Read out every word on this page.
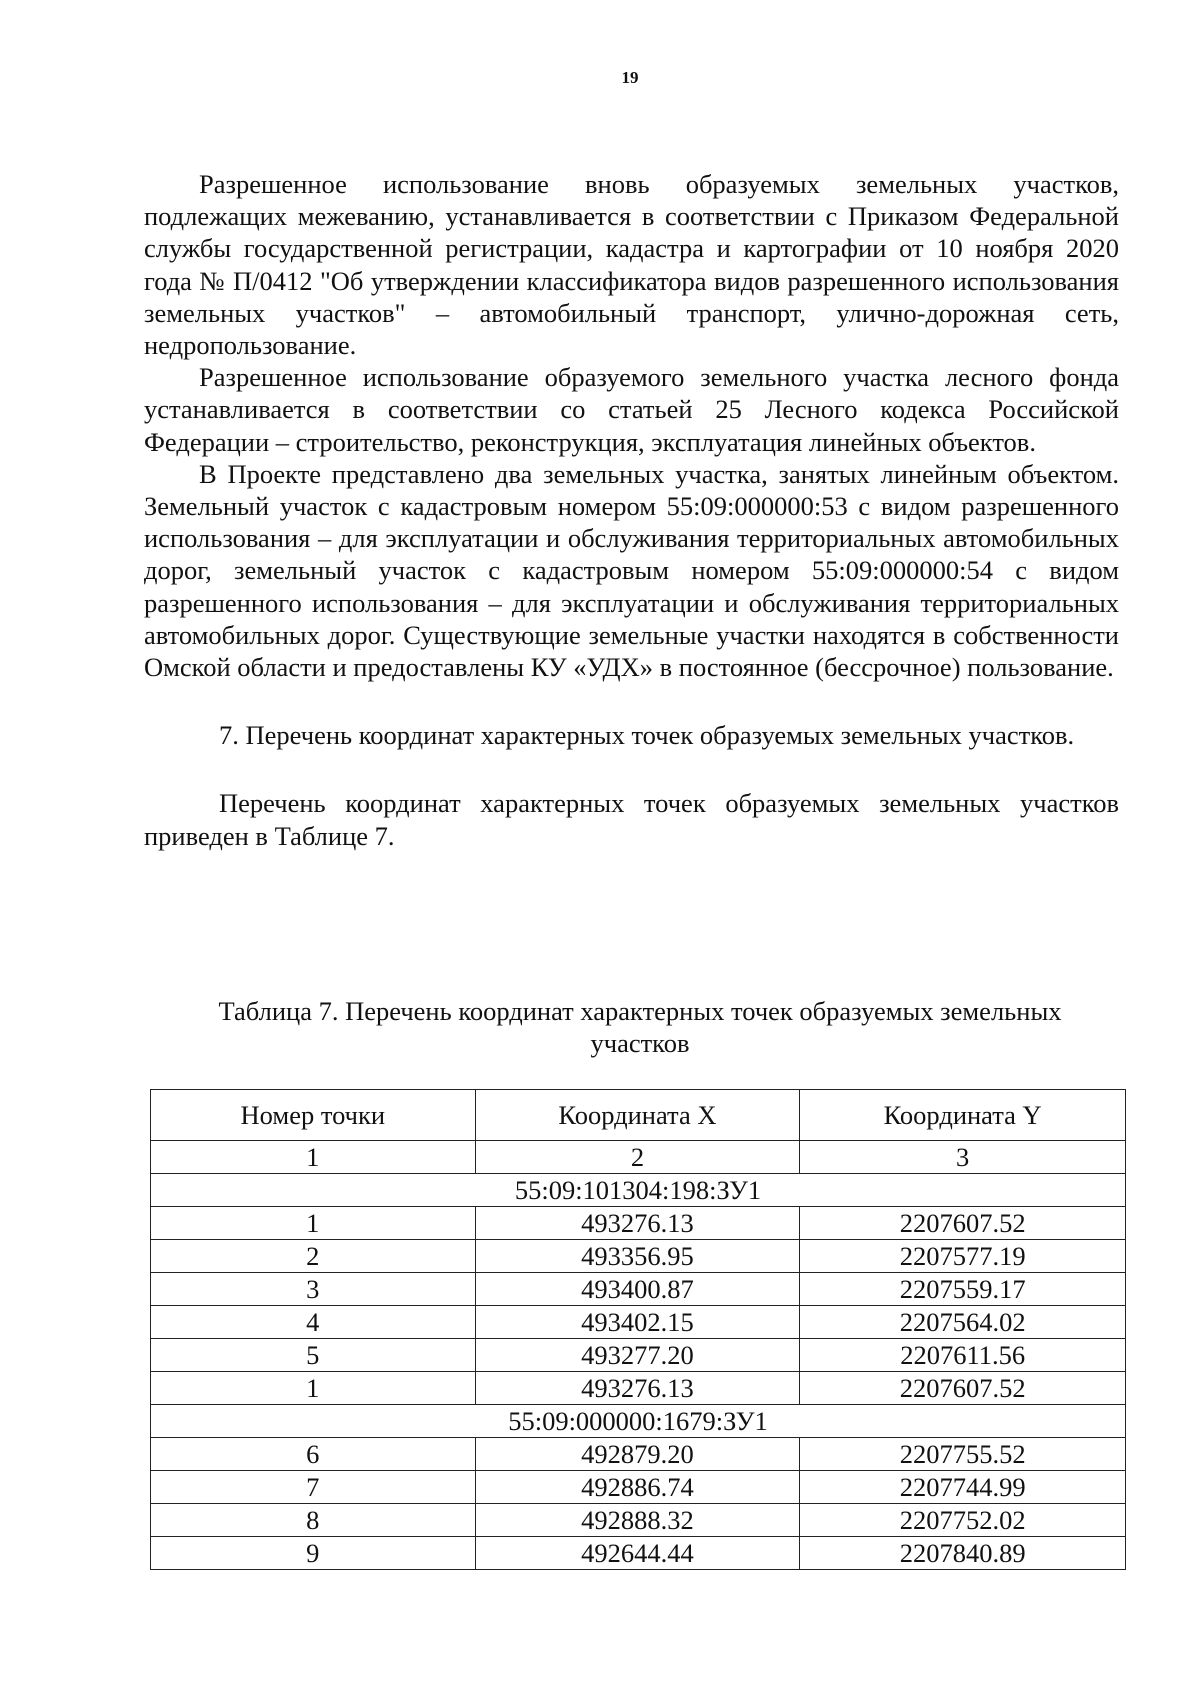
19

Разрешенное использование вновь образуемых земельных участков, подлежащих межеванию, устанавливается в соответствии с Приказом Федеральной службы государственной регистрации, кадастра и картографии от 10 ноября 2020 года № П/0412 "Об утверждении классификатора видов разрешенного использования земельных участков" – автомобильный транспорт, улично-дорожная сеть, недропользование.

Разрешенное использование образуемого земельного участка лесного фонда устанавливается в соответствии со статьей 25 Лесного кодекса Российской Федерации – строительство, реконструкция, эксплуатация линейных объектов.

В Проекте представлено два земельных участка, занятых линейным объектом. Земельный участок с кадастровым номером 55:09:000000:53 с видом разрешенного использования – для эксплуатации и обслуживания территориальных автомобильных дорог, земельный участок с кадастровым номером 55:09:000000:54 с видом разрешенного использования – для эксплуатации и обслуживания территориальных автомобильных дорог. Существующие земельные участки находятся в собственности Омской области и предоставлены КУ «УДХ» в постоянное (бессрочное) пользование.

7. Перечень координат характерных точек образуемых земельных участков.

Перечень координат характерных точек образуемых земельных участков приведен в Таблице 7.

Таблица 7. Перечень координат характерных точек образуемых земельных участков
Номер точки	Координата X	Координата Y
1	2	3
55:09:101304:198:ЗУ1		
1	493276.13	2207607.52
2	493356.95	2207577.19
3	493400.87	2207559.17
4	493402.15	2207564.02
5	493277.20	2207611.56
1	493276.13	2207607.52
55:09:000000:1679:ЗУ1		
6	492879.20	2207755.52
7	492886.74	2207744.99
8	492888.32	2207752.02
9	492644.44	2207840.89
